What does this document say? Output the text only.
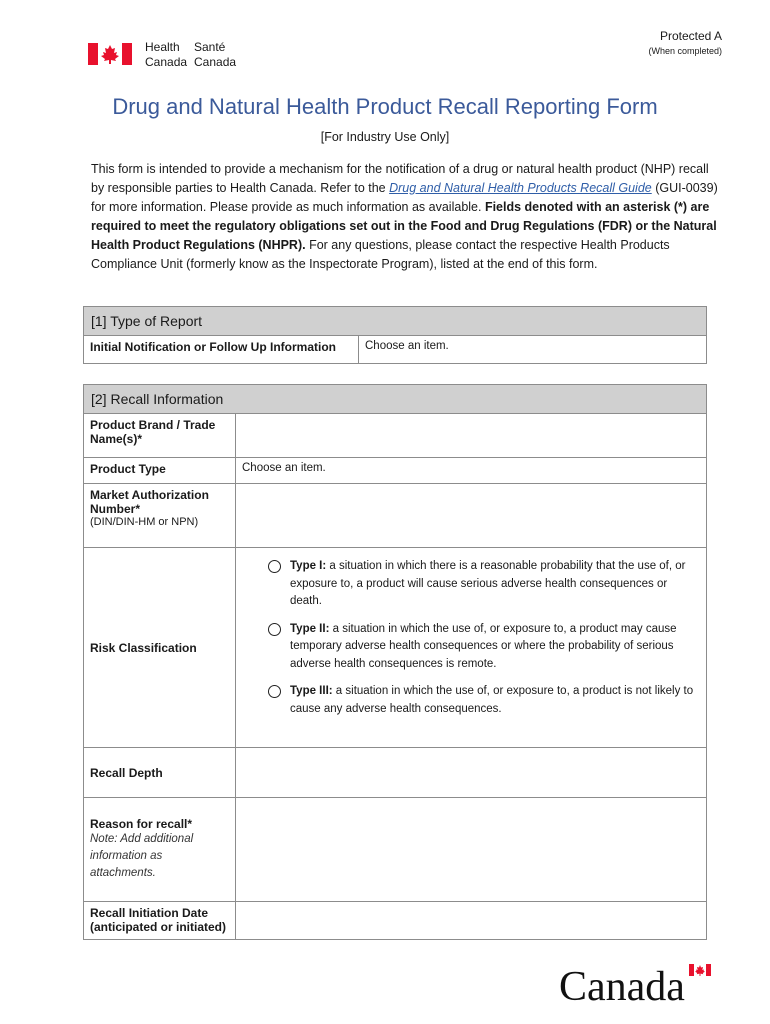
Health Santé
Canada Canada
Protected A
(When completed)
Drug and Natural Health Product Recall Reporting Form
[For Industry Use Only]
This form is intended to provide a mechanism for the notification of a drug or natural health product (NHP) recall by responsible parties to Health Canada. Refer to the Drug and Natural Health Products Recall Guide (GUI-0039) for more information. Please provide as much information as available. Fields denoted with an asterisk (*) are required to meet the regulatory obligations set out in the Food and Drug Regulations (FDR) or the Natural Health Product Regulations (NHPR). For any questions, please contact the respective Health Products Compliance Unit (formerly know as the Inspectorate Program), listed at the end of this form.
[1] Type of Report
Initial Notification or Follow Up Information	Choose an item.
[2] Recall Information	
Product Brand / Trade Name(s)*	
Product Type	Choose an item.

Market Authorization Number*
(DIN/DIN-HM or NPN)	

Risk Classification	Type I: a situation in which there is a reasonable probability that the use of, or exposure to, a product will cause serious adverse health consequences or death.
Type II: a situation in which the use of, or exposure to, a product may cause temporary adverse health consequences or where the probability of serious adverse health consequences is remote.
Type III: a situation in which the use of, or exposure to, a product is not likely to cause any adverse health consequences.

Recall Depth	

Reason for recall*
Note: Add additional information as attachments.	

Recall Initiation Date (anticipated or initiated)	
Canada
